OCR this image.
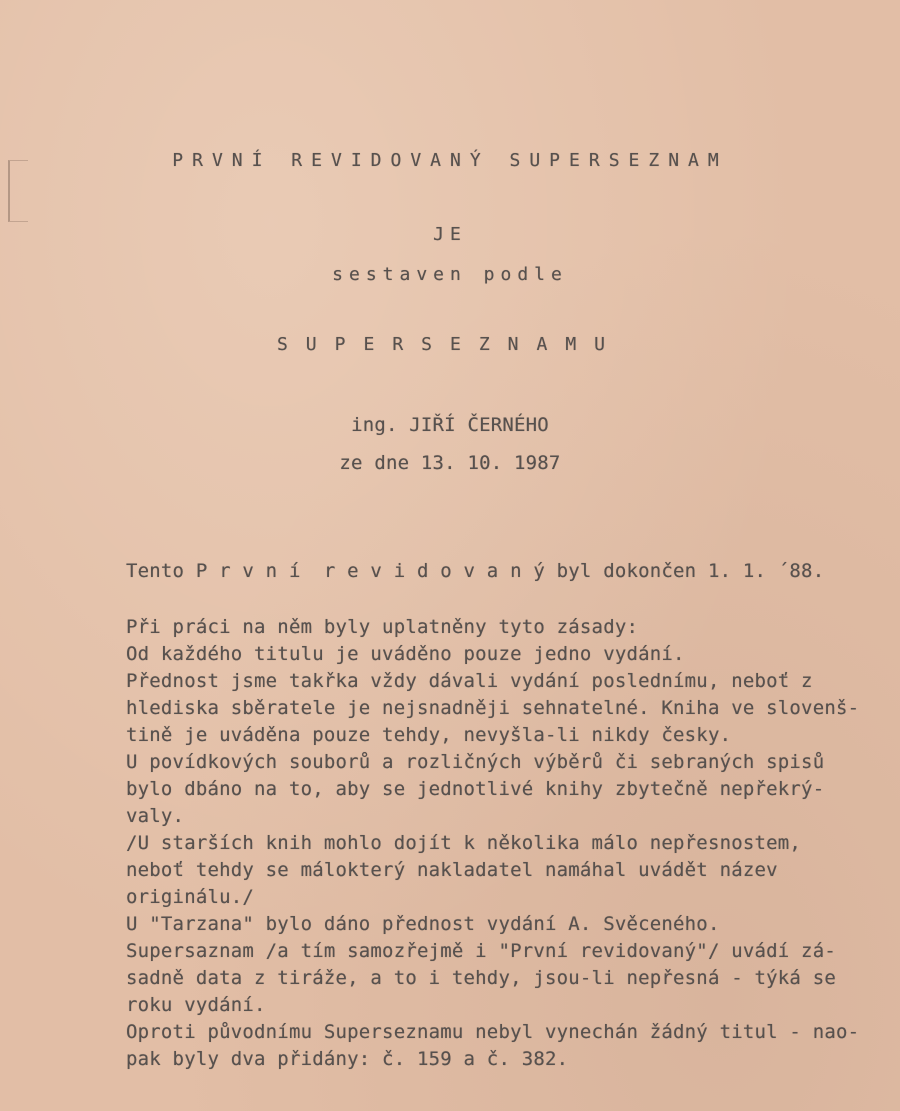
PRVNÍ REVIDOVANÝ SUPERSEZNAM
JE
sestaven podle
SUPERSEZNAMU
ing. JIŘÍ ČERNÉHO
ze dne 13. 10. 1987
Tento P r v n í  r e v i d o v a n ý byl dokončen 1. 1. ´88.
Při práci na něm byly uplatněny tyto zásady:
Od každého titulu je uváděno pouze jedno vydání.
Přednost jsme takřka vždy dávali vydání poslednímu, neboť z
hlediska sběratele je nejsnadněji sehnatelné. Kniha ve slovenš-
tině je uváděna pouze tehdy, nevyšla-li nikdy česky.
U povídkových souborů a rozličných výběrů či sebraných spisů
bylo dbáno na to, aby se jednotlivé knihy zbytečně nepřekrý-
valy.
/U starších knih mohlo dojít k několika málo nepřesnostem,
neboť tehdy se málokterý nakladatel namáhal uvádět název
originálu./
U "Tarzana" bylo dáno přednost vydání A. Svěceného.
Supersaznam /a tím samozřejmě i "První revidovaný"/ uvádí zá-
sadně data z tiráže, a to i tehdy, jsou-li nepřesná - týká se
roku vydání.
Oproti původnímu Superseznamu nebyl vynechán žádný titul - nao-
pak byly dva přidány: č. 159 a č. 382.
